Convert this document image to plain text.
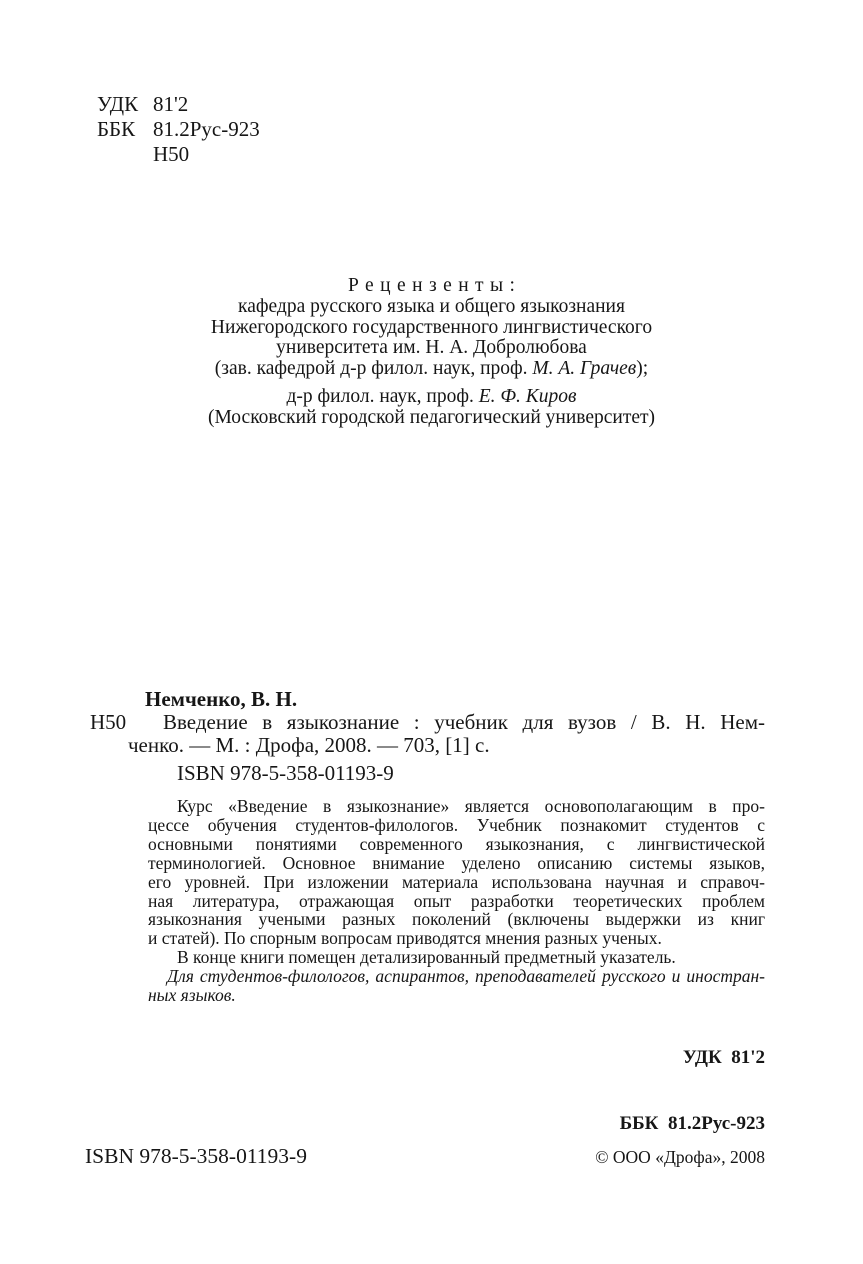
УДК 81'2
ББК 81.2Рус-923
Н50
Рецензенты:
кафедра русского языка и общего языкознания
Нижегородского государственного лингвистического
университета им. Н. А. Добролюбова
(зав. кафедрой д-р филол. наук, проф. М. А. Грачев);
д-р филол. наук, проф. Е. Ф. Киров
(Московский городской педагогический университет)
Немченко, В. Н.
Н50	Введение в языкознание : учебник для вузов / В. Н. Нем-
ченко. — М. : Дрофа, 2008. — 703, [1] с.
ISBN 978-5-358-01193-9
Курс «Введение в языкознание» является основополагающим в про-
цессе обучения студентов-филологов. Учебник познакомит студентов с
основными понятиями современного языкознания, с лингвистической
терминологией. Основное внимание уделено описанию системы языков,
его уровней. При изложении материала использована научная и справоч-
ная литература, отражающая опыт разработки теоретических проблем
языкознания учеными разных поколений (включены выдержки из книг
и статей). По спорным вопросам приводятся мнения разных ученых.
В конце книги помещен детализированный предметный указатель.
Для студентов-филологов, аспирантов, преподавателей русского и иностран-
ных языков.

УДК  81'2

ББК  81.2Рус-923

ISBN 978-5-358-01193-9	© ООО «Дрофа», 2008
